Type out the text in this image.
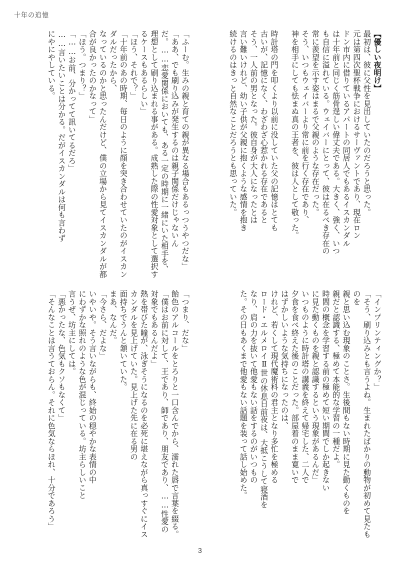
十年の追憶

【優しい夜明け】

最初は、彼に父性を見出していたのだろうと思った。

元は第四次聖杯戦争におけるサーヴァントであり、現在ロン

ドン市内に借りているアパートの同居人でもあるイスカンダル

は十年前と同じく筋骨逞しい偉丈夫である。大きく、強く、いつ

も自信に溢れている。ウェイバーにとって、彼は在るべき存在の

常に羨望を示す姿はまるで父親のような存在だった。

そう、いつもウェイバーより常に前を行く存在であり、

神を相手にしても怯まぬ真の王者を、彼は人として敬った。

時計塔の門を叩くより以前に没していた父の記憶はとても

古いが、記憶になく、わざわざ心惹かれる存在であると

そう、一人前の男となった。彼自身が大人になったとは

言い難いけれど、幼い子供が父親に抱くような感情を抱き

続けるのはきっと自然なことだろうとも思っていた。

「ふーむ。生みの親と育ての親が異なる場合もあるっつうやつだな」

「ああ、でも刷り込みが発生するのは親子関係だけじゃないんだ。……恋愛関係においても、ある一定の時期に一緒にいた相手を、

理想として刷り込まれる事がある。成熟した際の性愛対象として選択するケースもあるらしい」

「ほう、それで？」

「十年前のあの時期、毎日のように顔を突き合わせていたのがイスカンダルだったから、

なっているのかと思ったんだけど、僕の立場から見てイスカンダルが都合が良かったのかなって」

「ほう。つまり？」

「……お前、分かってて訊いてるだろ」

……言いたいことは分かる。だがイスカンダルは何も言わず

にやにやしている。

「インプリンティングか？」

「そう、刷り込みとも言うよね。生まれたばかりの動物が初めて見たものを

親と思い込む現象のことさ。生後間もない時期に見た動くものを

親だと認識する、極めて本能的な学習の一種だよ。

時間の概念を学習する前の極めて短い期間でしか起きない

に見た動くものを親と認識するという現象があるんだ」

いつものように時計塔の講義を終えて帰宅した、二人で

夕食を食べ終えた後のことだった。部屋着のまま寛いで

はずかしいような気持ちになったのは、

けれど、若くして現代魔術科の君主となり多忙を極める

ロード・エルメロイⅡ世の休息日前夜は、大抵こうして寝酒を

なり、肩の力を抜いて他愛もない話をするのがいつもの

た。その日もあくまで他愛もない話題を装って話し始めた。

「つまり、だな」

飴色のアルコールをとろりと一口含んでから、濡れた唇で言葉を綴る。

「僕はお前に対して、王であり、師であり、朋友であり、……性愛の対象でもあるんだよ」

熱を帯びた瞳が、泳ぎそうになるのを必死に堪えながら真っすぐにイスカンダルを見上げていた。見上げた先に在る男の

面持ちでうんと頷いていた。

まあ、なんだ。

「今さら、だよな」

いやいや。そう言いながらも、終始の穏やかな表情の中

にわずかな照れのような色が混じっている。坊主らしいこと

言うぜ、坊主にしては。

「悪かったな、色気もクソもなくて」

「そんなことは言うておらん。それに色気ならほれ、十分であろう」

3
